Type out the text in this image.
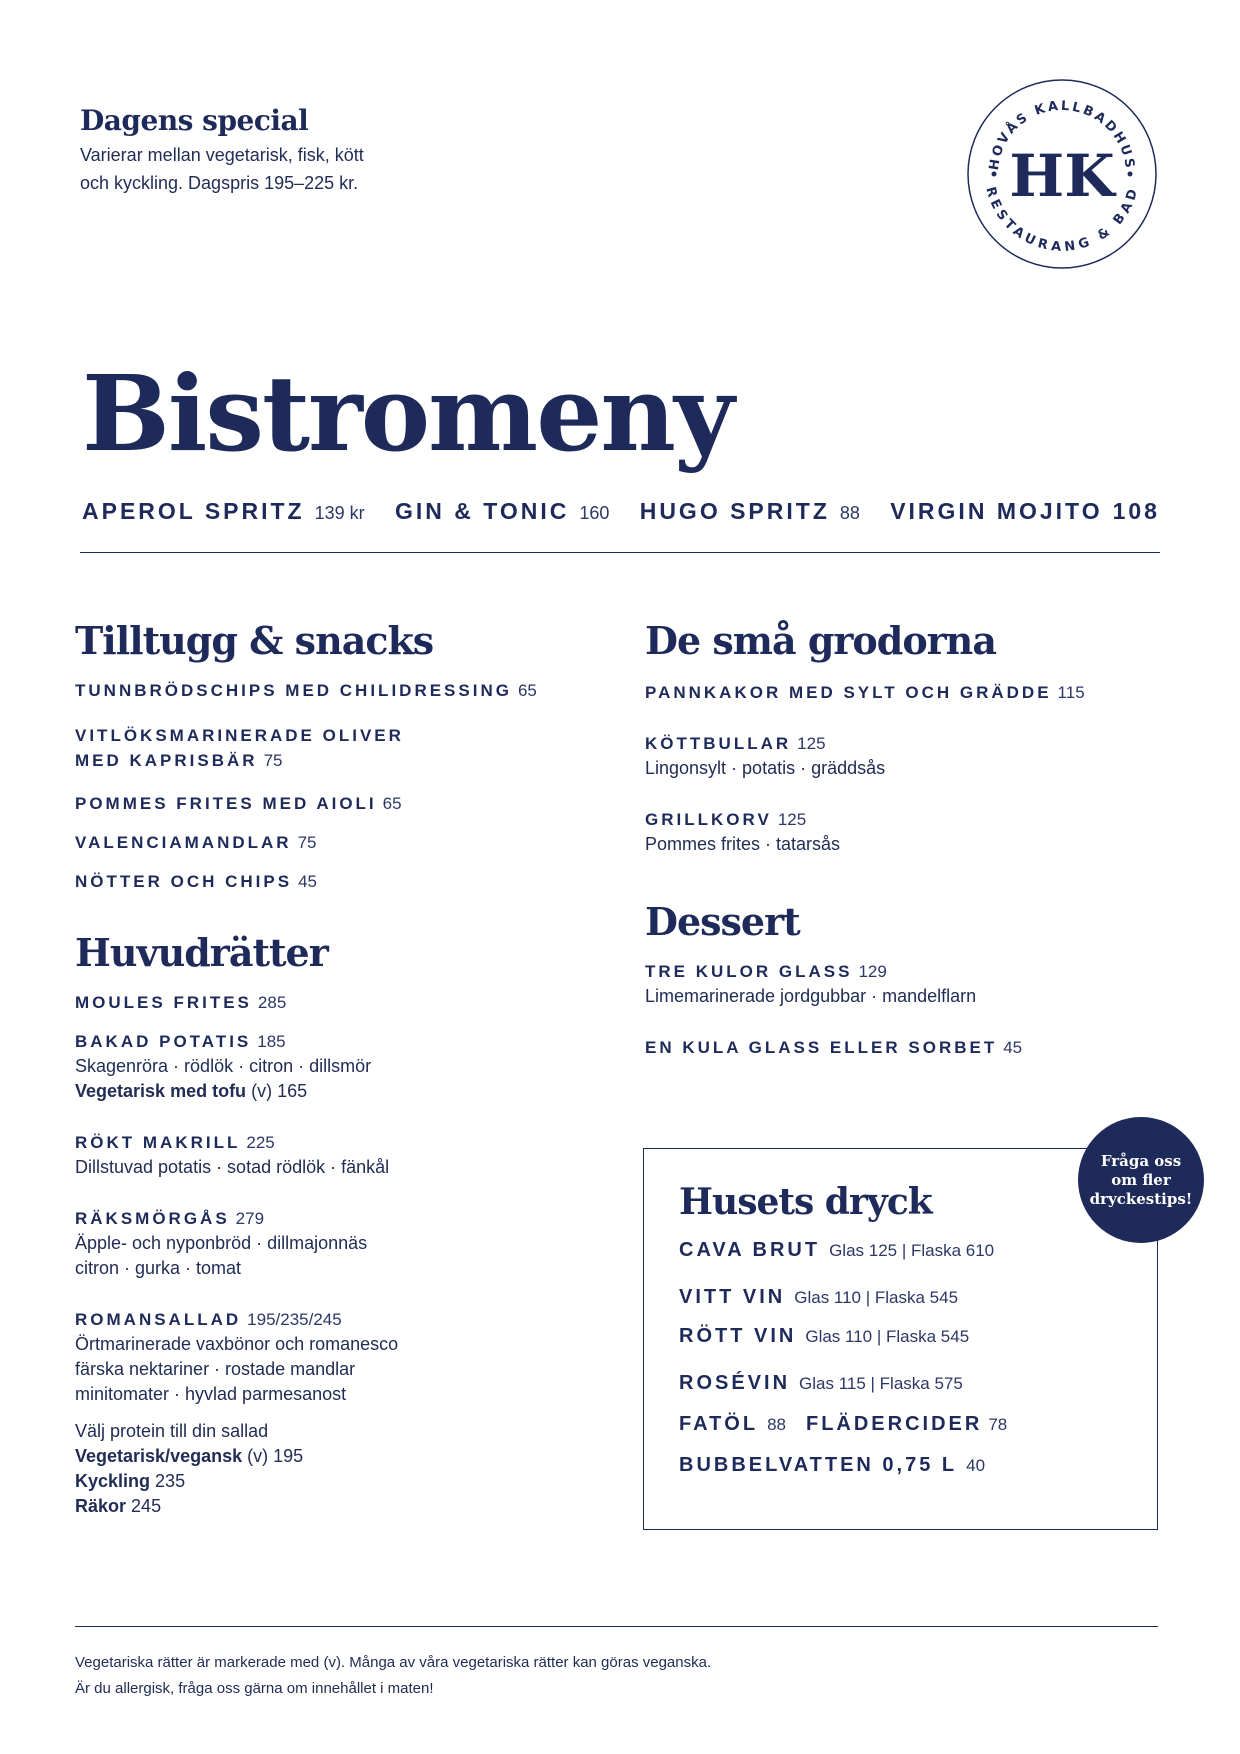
Dagens special

Varierar mellan vegetarisk, fisk, kött

och kyckling. Dagspris 195–225 kr.

HOVÅS KALLBADHUS
RESTAURANG & BAD
HK
Bistromeny
APEROL SPRITZ 139 kr GIN & TONIC 160 HUGO SPRITZ 88 VIRGIN MOJITO 108
Tilltugg & snacks
TUNNBRÖDSCHIPS MED CHILIDRESSING 65
VITLÖKSMARINERADE OLIVER
MED KAPRISBÄR 75
POMMES FRITES MED AIOLI 65
VALENCIAMANDLAR 75
NÖTTER OCH CHIPS 45
Huvudrätter
MOULES FRITES 285
BAKAD POTATIS 185
Skagenröra · rödlök · citron · dillsmör
Vegetarisk med tofu (v) 165
RÖKT MAKRILL 225
Dillstuvad potatis · sotad rödlök · fänkål
RÄKSMÖRGÅS 279
Äpple- och nyponbröd · dillmajonnäs
citron · gurka · tomat
ROMANSALLAD 195/235/245
Örtmarinerade vaxbönor och romanesco
färska nektariner · rostade mandlar
minitomater · hyvlad parmesanost
Välj protein till din sallad
Vegetarisk/vegansk (v) 195
Kyckling 235
Räkor 245
De små grodorna
PANNKAKOR MED SYLT OCH GRÄDDE 115
KÖTTBULLAR 125
Lingonsylt · potatis · gräddsås
GRILLKORV 125
Pommes frites · tatarsås
Dessert
TRE KULOR GLASS 129
Limemarinerade jordgubbar · mandelflarn
EN KULA GLASS ELLER SORBET 45
Husets dryck
CAVA BRUT Glas 125 | Flaska 610
VITT VIN Glas 110 | Flaska 545
RÖTT VIN Glas 110 | Flaska 545
ROSÉVIN Glas 115 | Flaska 575
FATÖL 88 FLÄDERCIDER 78
BUBBELVATTEN 0,75 L 40
Fråga oss
om fler
dryckestips!
Vegetariska rätter är markerade med (v). Många av våra vegetariska rätter kan göras veganska.
Är du allergisk, fråga oss gärna om innehållet i maten!
